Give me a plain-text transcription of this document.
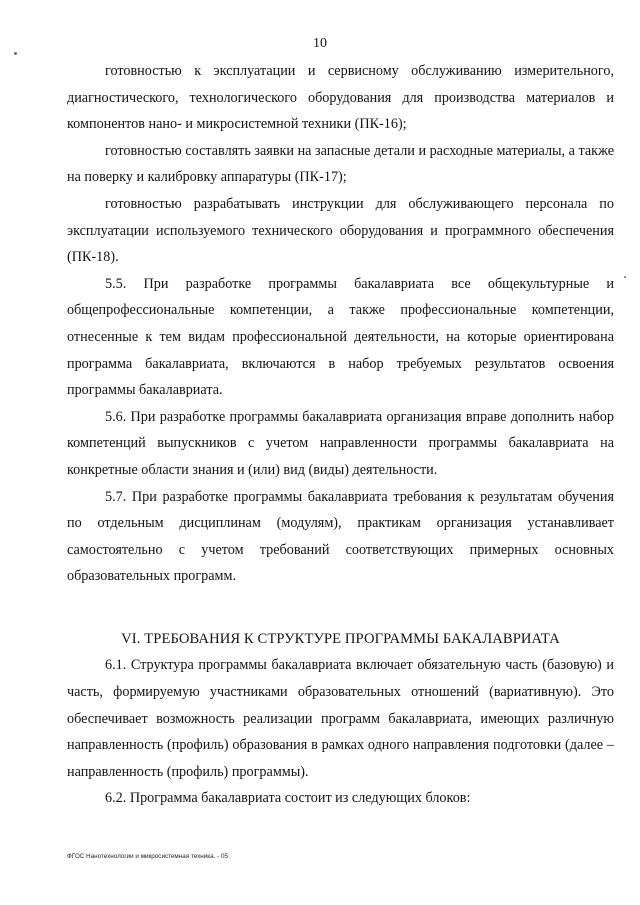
10

готовностью к эксплуатации и сервисному обслуживанию измерительного, диагностического, технологического оборудования для производства материалов и компонентов нано- и микросистемной техники (ПК-16);

готовностью составлять заявки на запасные детали и расходные материалы, а также на поверку и калибровку аппаратуры (ПК-17);

готовностью разрабатывать инструкции для обслуживающего персонала по эксплуатации используемого технического оборудования и программного обеспечения (ПК-18).

5.5. При разработке программы бакалавриата все общекультурные и общепрофессиональные компетенции, а также профессиональные компетенции, отнесенные к тем видам профессиональной деятельности, на которые ориентирована программа бакалавриата, включаются в набор требуемых результатов освоения программы бакалавриата.

5.6. При разработке программы бакалавриата организация вправе дополнить набор компетенций выпускников с учетом направленности программы бакалавриата на конкретные области знания и (или) вид (виды) деятельности.

5.7. При разработке программы бакалавриата требования к результатам обучения по отдельным дисциплинам (модулям), практикам организация устанавливает самостоятельно с учетом требований соответствующих примерных основных образовательных программ.

VI. ТРЕБОВАНИЯ К СТРУКТУРЕ ПРОГРАММЫ БАКАЛАВРИАТА

6.1. Структура программы бакалавриата включает обязательную часть (базовую) и часть, формируемую участниками образовательных отношений (вариативную). Это обеспечивает возможность реализации программ бакалавриата, имеющих различную направленность (профиль) образования в рамках одного направления подготовки (далее – направленность (профиль) программы).

6.2. Программа бакалавриата состоит из следующих блоков:

ФГОС Нанотехнологии и микросистемная техника. - 05
